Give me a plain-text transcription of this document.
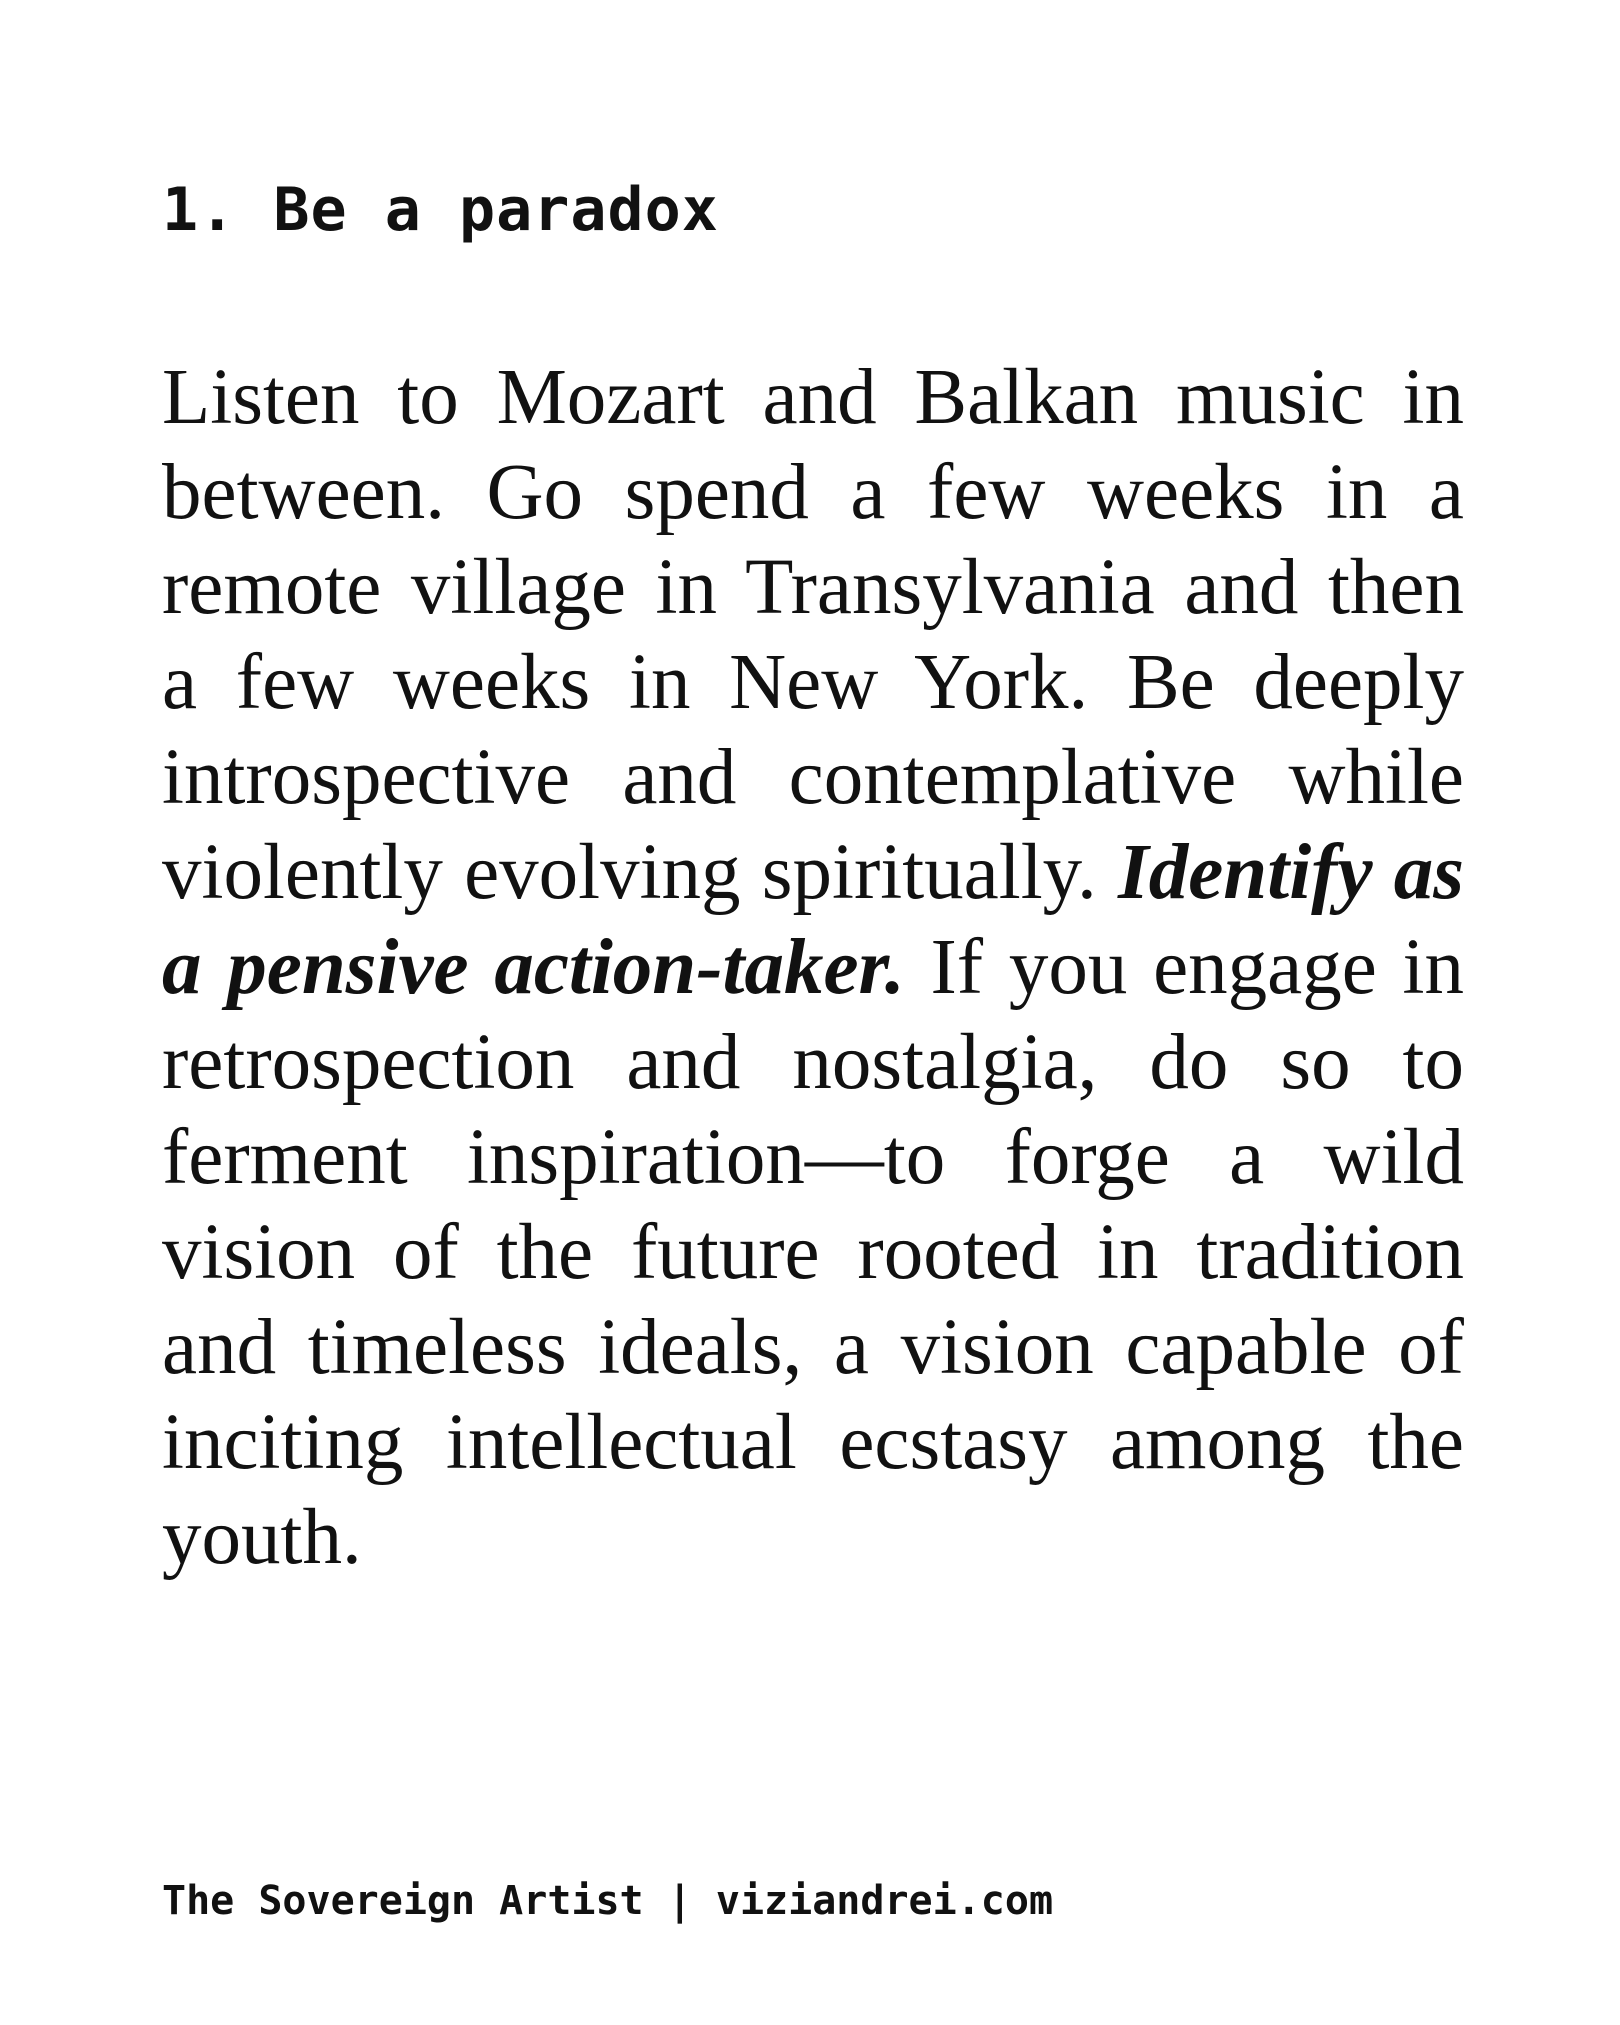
1. Be a paradox

Listen to Mozart and Balkan music in between. Go spend a few weeks in a remote village in Transylvania and then a few weeks in New York. Be deeply introspective and contemplative while violently evolving spiritually. Identify as a pensive action-taker. If you engage in retrospection and nostalgia, do so to ferment inspiration—to forge a wild vision of the future rooted in tradition and timeless ideals, a vision capable of inciting intellectual ecstasy among the youth.

The Sovereign Artist | viziandrei.com
